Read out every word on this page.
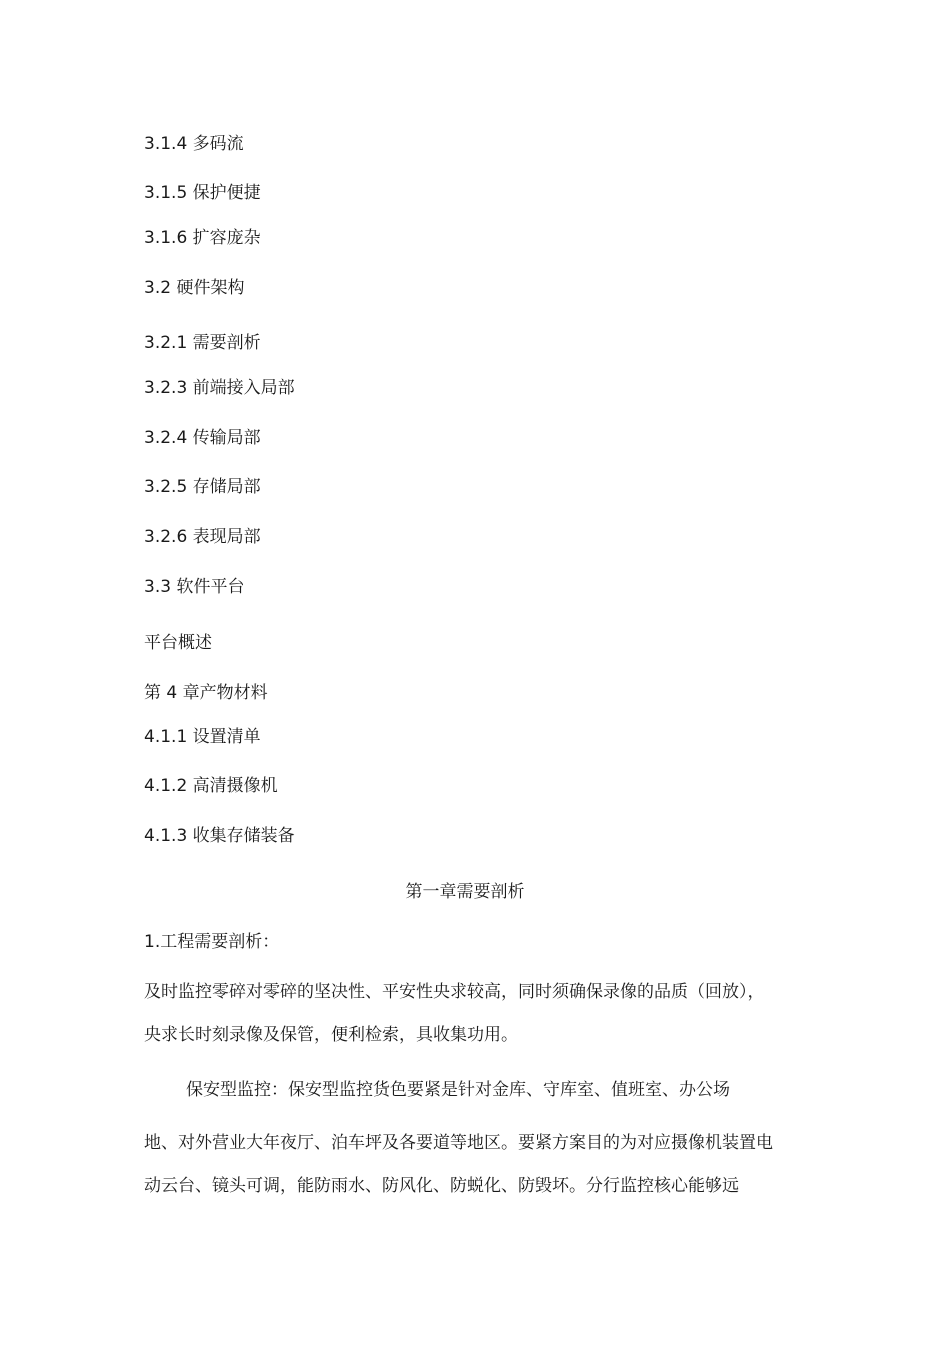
3.1.4 多码流
3.1.5 保护便捷
3.1.6 扩容庞杂
3.2 硬件架构
3.2.1 需要剖析
3.2.3 前端接入局部
3.2.4 传输局部
3.2.5 存储局部
3.2.6 表现局部
3.3 软件平台
平台概述
第 4 章产物材料
4.1.1 设置清单
4.1.2 高清摄像机
4.1.3 收集存储装备
第一章需要剖析
1.工程需要剖析：
及时监控零碎对零碎的坚决性、平安性央求较高，同时须确保录像的品质（回放），
央求长时刻录像及保管，便利检索，具收集功用。
保安型监控：保安型监控货色要紧是针对金库、守库室、值班室、办公场
地、对外营业大年夜厅、泊车坪及各要道等地区。要紧方案目的为对应摄像机装置电
动云台、镜头可调，能防雨水、防风化、防蜕化、防毁坏。分行监控核心能够远
